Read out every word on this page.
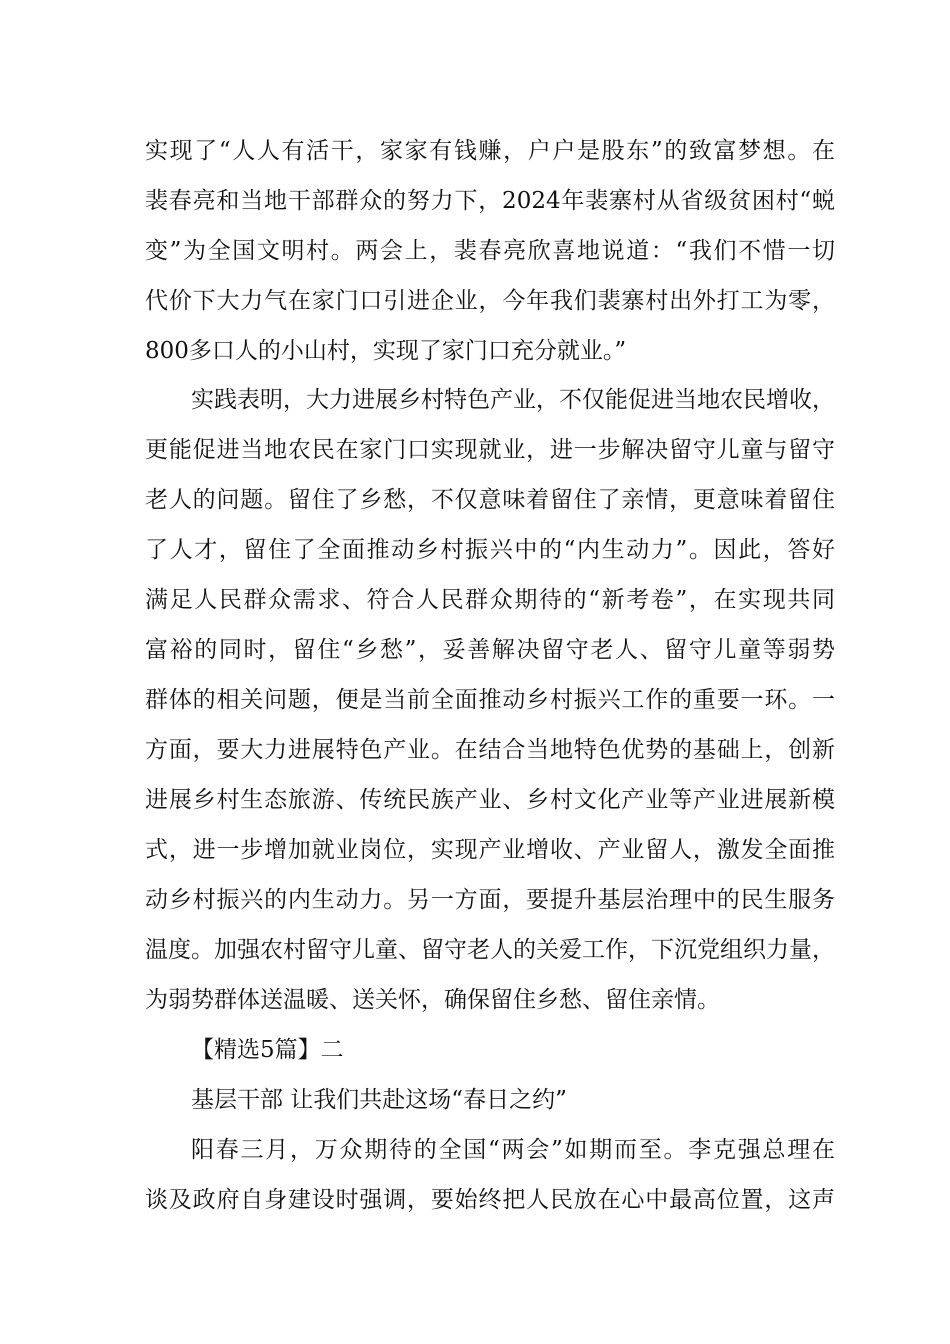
实现了“人人有活干，家家有钱赚，户户是股东”的致富梦想。在
裴春亮和当地干部群众的努力下，2024年裴寨村从省级贫困村“蜕
变”为全国文明村。两会上，裴春亮欣喜地说道：“我们不惜一切
代价下大力气在家门口引进企业，今年我们裴寨村出外打工为零，
800多口人的小山村，实现了家门口充分就业。”
实践表明，大力进展乡村特色产业，不仅能促进当地农民增收，
更能促进当地农民在家门口实现就业，进一步解决留守儿童与留守
老人的问题。留住了乡愁，不仅意味着留住了亲情，更意味着留住
了人才，留住了全面推动乡村振兴中的“内生动力”。因此，答好
满足人民群众需求、符合人民群众期待的“新考卷”，在实现共同
富裕的同时，留住“乡愁”，妥善解决留守老人、留守儿童等弱势
群体的相关问题，便是当前全面推动乡村振兴工作的重要一环。一
方面，要大力进展特色产业。在结合当地特色优势的基础上，创新
进展乡村生态旅游、传统民族产业、乡村文化产业等产业进展新模
式，进一步增加就业岗位，实现产业增收、产业留人，激发全面推
动乡村振兴的内生动力。另一方面，要提升基层治理中的民生服务
温度。加强农村留守儿童、留守老人的关爱工作，下沉党组织力量，
为弱势群体送温暖、送关怀，确保留住乡愁、留住亲情。
【精选5篇】二
基层干部 让我们共赴这场“春日之约”
阳春三月，万众期待的全国“两会”如期而至。李克强总理在
谈及政府自身建设时强调，要始终把人民放在心中最高位置，这声
